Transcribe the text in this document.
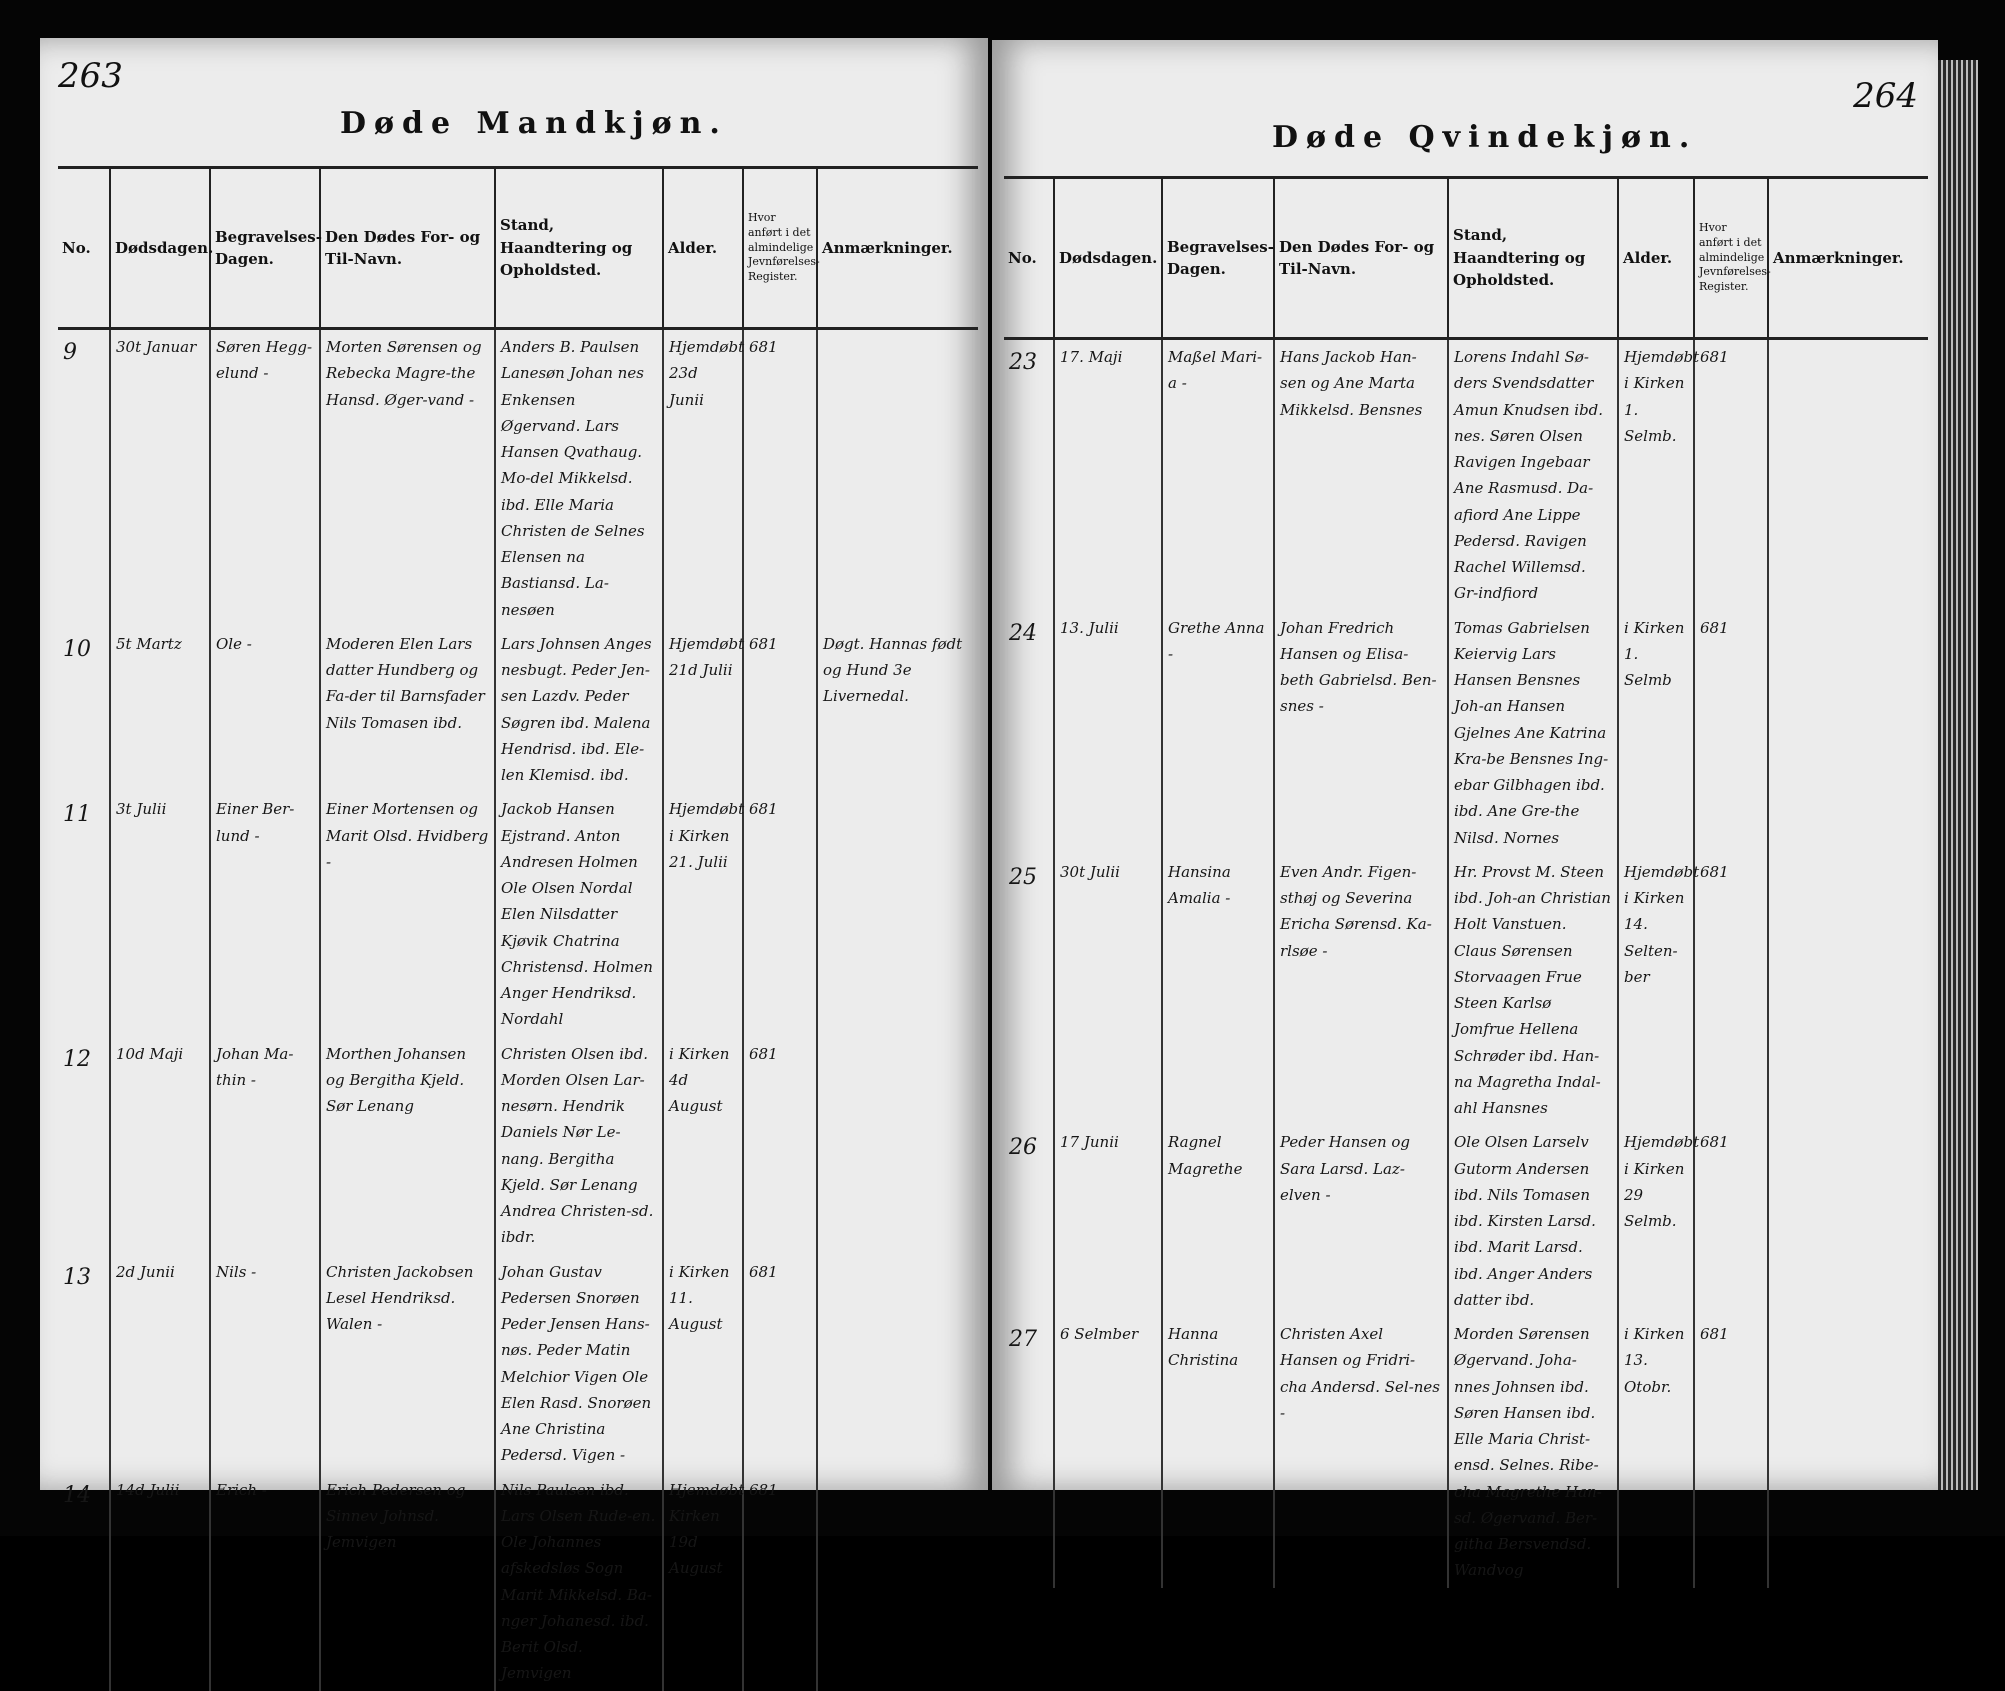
263
Døde Mandkjøn.
No.	Dødsdagen.	Begravelses-Dagen.	Den Dødes For- og Til-Navn.	Stand, Haandtering og Opholdsted.	Alder.	Hvor anført i det almindelige Jevnførelses-Register.	Anmærkninger.
9	30t Januar	Søren Hegg-elund -	Morten Sørensen og Rebecka Magre-the Hansd. Øger-vand -	Anders B. Paulsen Lanesøn Johan nes Enkensen Øgervand. Lars Hansen Qvathaug. Mo-del Mikkelsd. ibd. Elle Maria Christen de Selnes Elensen na Bastiansd. La-nesøen	Hjemdøbt 23d Junii	681	
10	5t Martz	Ole -	Moderen Elen Lars datter Hundberg og Fa-der til Barnsfader Nils Tomasen ibd.	Lars Johnsen Anges nesbugt. Peder Jen-sen Lazdv. Peder Søgren ibd. Malena Hendrisd. ibd. Ele-len Klemisd. ibd.	Hjemdøbt 21d Julii	681	Døgt. Hannas født og Hund 3e Livernedal.
11	3t Julii	Einer Ber-lund -	Einer Mortensen og Marit Olsd. Hvidberg -	Jackob Hansen Ejstrand. Anton Andresen Holmen Ole Olsen Nordal Elen Nilsdatter Kjøvik Chatrina Christensd. Holmen Anger Hendriksd. Nordahl	Hjemdøbt i Kirken 21. Julii	681	
12	10d Maji	Johan Ma-thin -	Morthen Johansen og Bergitha Kjeld. Sør Lenang	Christen Olsen ibd. Morden Olsen Lar-nesørn. Hendrik Daniels Nør Le-nang. Bergitha Kjeld. Sør Lenang Andrea Christen-sd. ibdr.	i Kirken 4d August	681	
13	2d Junii	Nils -	Christen Jackobsen Lesel Hendriksd. Walen -	Johan Gustav Pedersen Snorøen Peder Jensen Hans-nøs. Peder Matin Melchior Vigen Ole Elen Rasd. Snorøen Ane Christina Pedersd. Vigen -	i Kirken 11. August	681	
14	14d Julii	Erich -	Erich Pedersen og Sinnev Johnsd. Jemvigen	Nils Paulsen ibd. Lars Olsen Rude-en. Ole Johannes afskedsløs Sogn Marit Mikkelsd. Ba-nger Johanesd. ibd. Berit Olsd. Jemvigen	Hjemdøbt Kirken 19d August	681	
264
Døde Qvindekjøn.
No.	Dødsdagen.	Begravelses-Dagen.	Den Dødes For- og Til-Navn.	Stand, Haandtering og Opholdsted.	Alder.	Hvor anført i det almindelige Jevnførelses-Register.	Anmærkninger.
23	17. Maji	Maßel Mari-a -	Hans Jackob Han-sen og Ane Marta Mikkelsd. Bensnes	Lorens Indahl Sø-ders Svendsdatter Amun Knudsen ibd. nes. Søren Olsen Ravigen Ingebaar Ane Rasmusd. Da-afiord Ane Lippe Pedersd. Ravigen Rachel Willemsd. Gr-indfiord	Hjemdøbt i Kirken 1. Selmb.	681	
24	13. Julii	Grethe Anna -	Johan Fredrich Hansen og Elisa-beth Gabrielsd. Ben-snes -	Tomas Gabrielsen Keiervig Lars Hansen Bensnes Joh-an Hansen Gjelnes Ane Katrina Kra-be Bensnes Ing-ebar Gilbhagen ibd. ibd. Ane Gre-the Nilsd. Nornes	i Kirken 1. Selmb	681	
25	30t Julii	Hansina Amalia -	Even Andr. Figen-sthøj og Severina Ericha Sørensd. Ka-rlsøe -	Hr. Provst M. Steen ibd. Joh-an Christian Holt Vanstuen. Claus Sørensen Storvaagen Frue Steen Karlsø Jomfrue Hellena Schrøder ibd. Han-na Magretha Indal-ahl Hansnes	Hjemdøbt i Kirken 14. Selten-ber	681	
26	17 Junii	Ragnel Magrethe	Peder Hansen og Sara Larsd. Laz-elven -	Ole Olsen Larselv Gutorm Andersen ibd. Nils Tomasen ibd. Kirsten Larsd. ibd. Marit Larsd. ibd. Anger Anders datter ibd.	Hjemdøbt i Kirken 29 Selmb.	681	
27	6 Selmber	Hanna Christina	Christen Axel Hansen og Fridri-cha Andersd. Sel-nes -	Morden Sørensen Øgervand. Joha-nnes Johnsen ibd. Søren Hansen ibd. Elle Maria Christ-ensd. Selnes. Ribe-cha Magrethe Han-sd. Øgervand. Ber-githa Bersvendsd. Wandvog	i Kirken 13. Otobr.	681	
